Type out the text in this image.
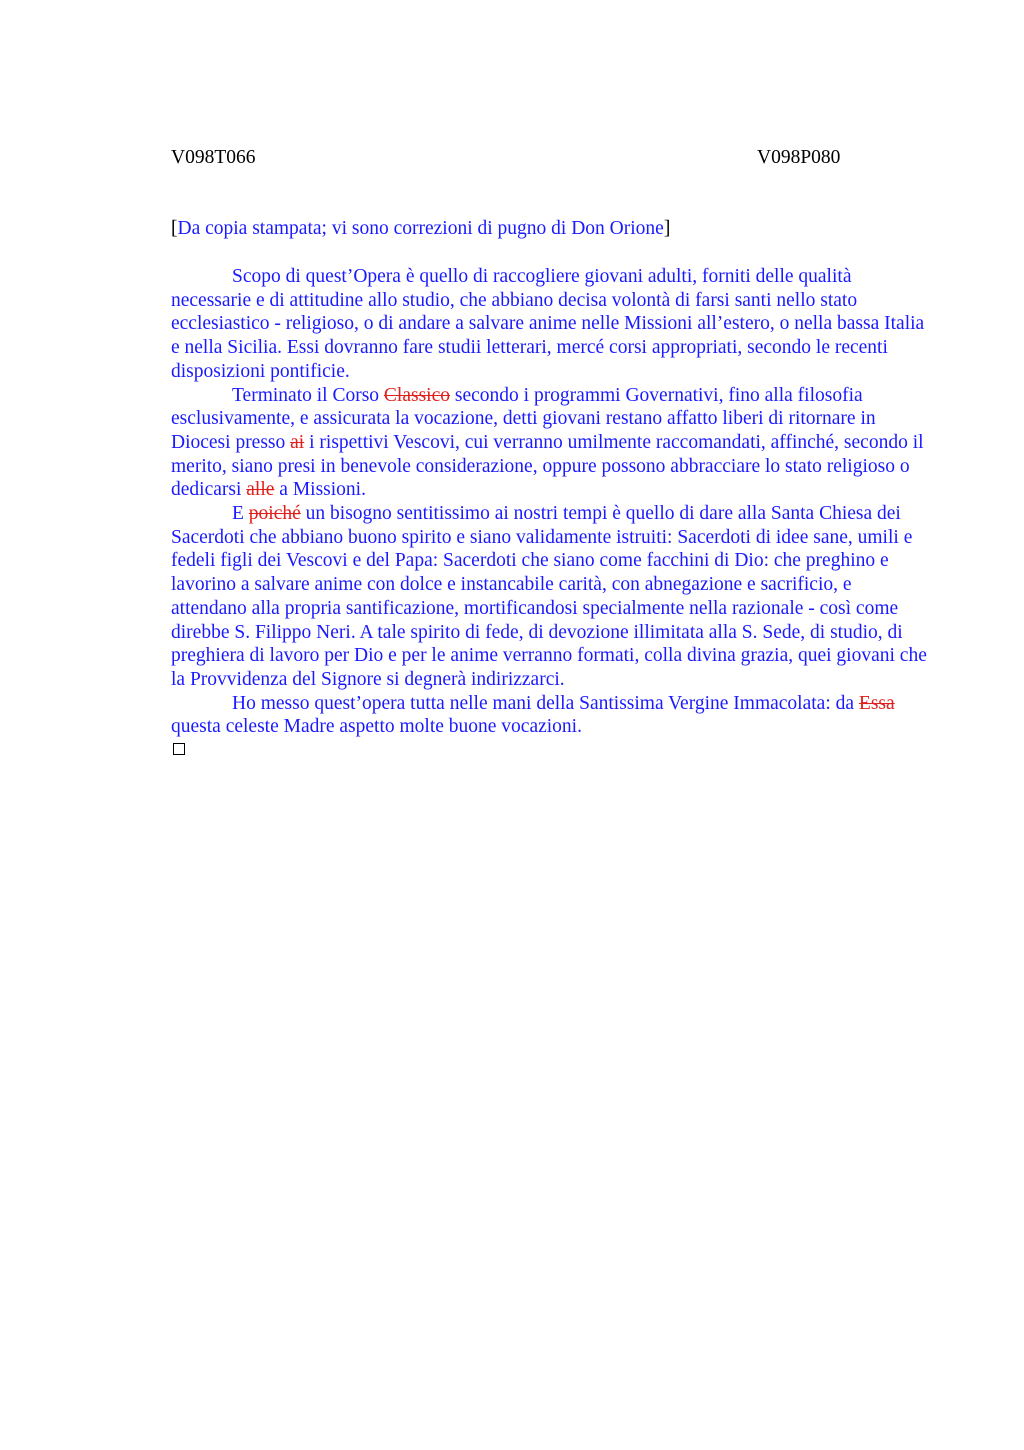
V098T066	V098P080
[Da copia stampata; vi sono correzioni di pugno di Don Orione]

Scopo di quest’Opera è quello di raccogliere giovani adulti, forniti delle qualità necessarie e di attitudine allo studio, che abbiano decisa volontà di farsi santi nello stato ecclesiastico - religioso, o di andare a salvare anime nelle Missioni all’estero, o nella bassa Italia e nella Sicilia. Essi dovranno fare studii letterari, mercé corsi appropriati, secondo le recenti disposizioni pontificie.

Terminato il Corso Classico secondo i programmi Governativi, fino alla filosofia esclusivamente, e assicurata la vocazione, detti giovani restano affatto liberi di ritornare in Diocesi presso ai i rispettivi Vescovi, cui verranno umilmente raccomandati, affinché, secondo il merito, siano presi in benevole considerazione, oppure possono abbracciare lo stato religioso o dedicarsi alle a Missioni.

E poiché un bisogno sentitissimo ai nostri tempi è quello di dare alla Santa Chiesa dei Sacerdoti che abbiano buono spirito e siano validamente istruiti: Sacerdoti di idee sane, umili e fedeli figli dei Vescovi e del Papa: Sacerdoti che siano come facchini di Dio: che preghino e lavorino a salvare anime con dolce e instancabile carità, con abnegazione e sacrificio, e attendano alla propria santificazione, mortificandosi specialmente nella razionale - così come direbbe S. Filippo Neri. A tale spirito di fede, di devozione illimitata alla S. Sede, di studio, di preghiera di lavoro per Dio e per le anime verranno formati, colla divina grazia, quei giovani che la Provvidenza del Signore si degnerà indirizzarci.

Ho messo quest’opera tutta nelle mani della Santissima Vergine Immacolata: da Essa questa celeste Madre aspetto molte buone vocazioni.
